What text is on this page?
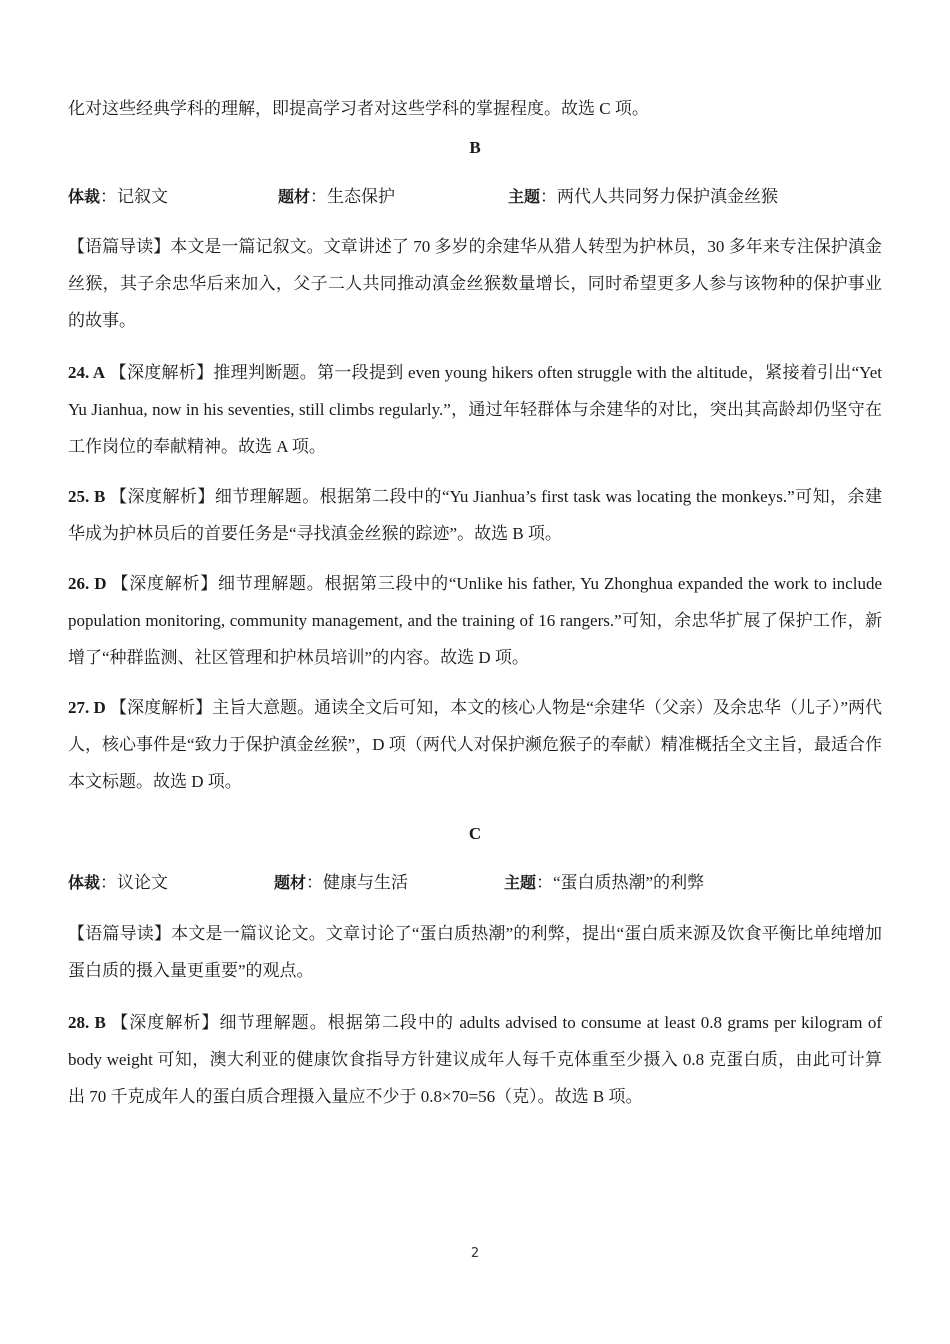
化对这些经典学科的理解，即提高学习者对这些学科的掌握程度。故选 C 项。
B
体裁：记叙文	题材：生态保护	主题：两代人共同努力保护滇金丝猴
【语篇导读】本文是一篇记叙文。文章讲述了 70 多岁的余建华从猎人转型为护林员，30 多年来专注保护滇金丝猴，其子余忠华后来加入，父子二人共同推动滇金丝猴数量增长，同时希望更多人参与该物种的保护事业的故事。
24. A 【深度解析】推理判断题。第一段提到 even young hikers often struggle with the altitude，紧接着引出“Yet Yu Jianhua, now in his seventies, still climbs regularly.”，通过年轻群体与余建华的对比，突出其高龄却仍坚守在工作岗位的奉献精神。故选 A 项。
25. B 【深度解析】细节理解题。根据第二段中的“Yu Jianhua’s first task was locating the monkeys.”可知，余建华成为护林员后的首要任务是“寻找滇金丝猴的踪迹”。故选 B 项。
26. D 【深度解析】细节理解题。根据第三段中的“Unlike his father, Yu Zhonghua expanded the work to include population monitoring, community management, and the training of 16 rangers.”可知，余忠华扩展了保护工作，新增了“种群监测、社区管理和护林员培训”的内容。故选 D 项。
27. D 【深度解析】主旨大意题。通读全文后可知，本文的核心人物是“余建华（父亲）及余忠华（儿子）”两代人，核心事件是“致力于保护滇金丝猴”，D 项（两代人对保护濒危猴子的奉献）精准概括全文主旨，最适合作本文标题。故选 D 项。
C
体裁：议论文	题材：健康与生活	主题：“蛋白质热潮”的利弊
【语篇导读】本文是一篇议论文。文章讨论了“蛋白质热潮”的利弊，提出“蛋白质来源及饮食平衡比单纯增加蛋白质的摄入量更重要”的观点。
28. B 【深度解析】细节理解题。根据第二段中的 adults advised to consume at least 0.8 grams per kilogram of body weight 可知，澳大利亚的健康饮食指导方针建议成年人每千克体重至少摄入 0.8 克蛋白质，由此可计算出 70 千克成年人的蛋白质合理摄入量应不少于 0.8×70=56（克）。故选 B 项。
2
